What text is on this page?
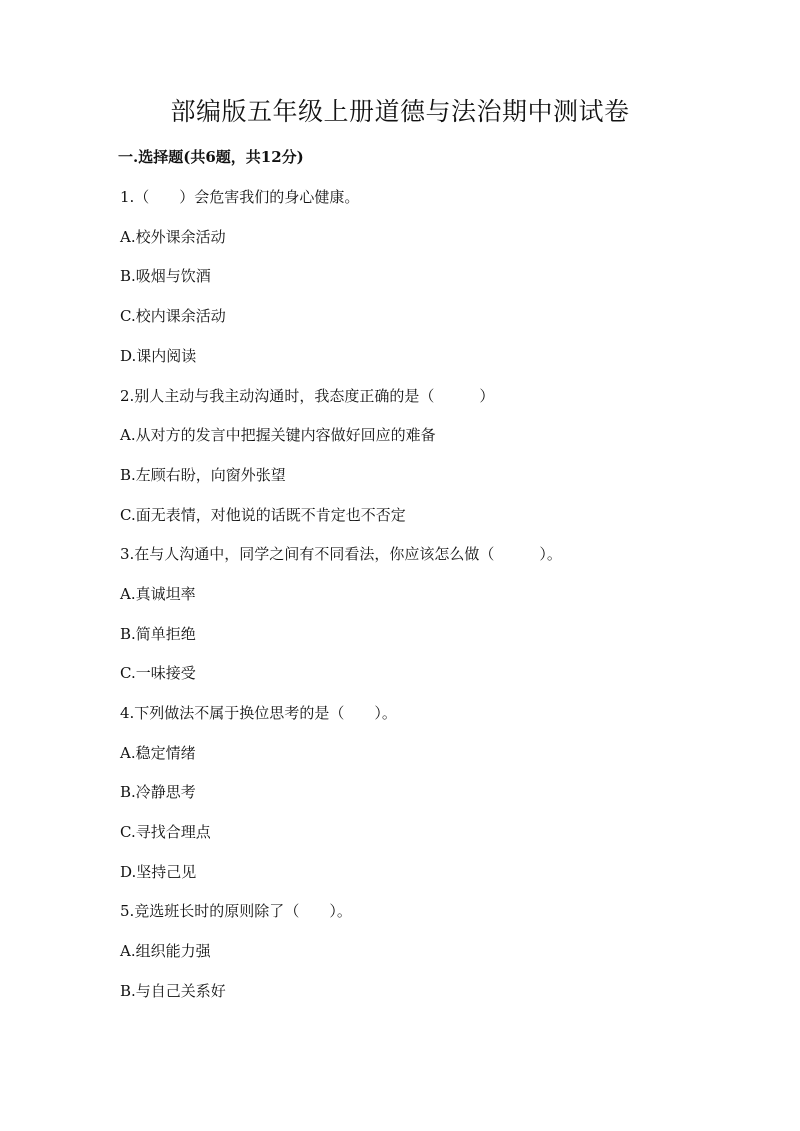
部编版五年级上册道德与法治期中测试卷
一.选择题(共6题，共12分)
1.（　　）会危害我们的身心健康。
A.校外课余活动
B.吸烟与饮酒
C.校内课余活动
D.课内阅读
2.别人主动与我主动沟通时，我态度正确的是（　　　）
A.从对方的发言中把握关键内容做好回应的难备
B.左顾右盼，向窗外张望
C.面无表情，对他说的话既不肯定也不否定
3.在与人沟通中，同学之间有不同看法，你应该怎么做（　　　）。
A.真诚坦率
B.简单拒绝
C.一味接受
4.下列做法不属于换位思考的是（　　）。
A.稳定情绪
B.冷静思考
C.寻找合理点
D.坚持己见
5.竞选班长时的原则除了（　　）。
A.组织能力强
B.与自己关系好
